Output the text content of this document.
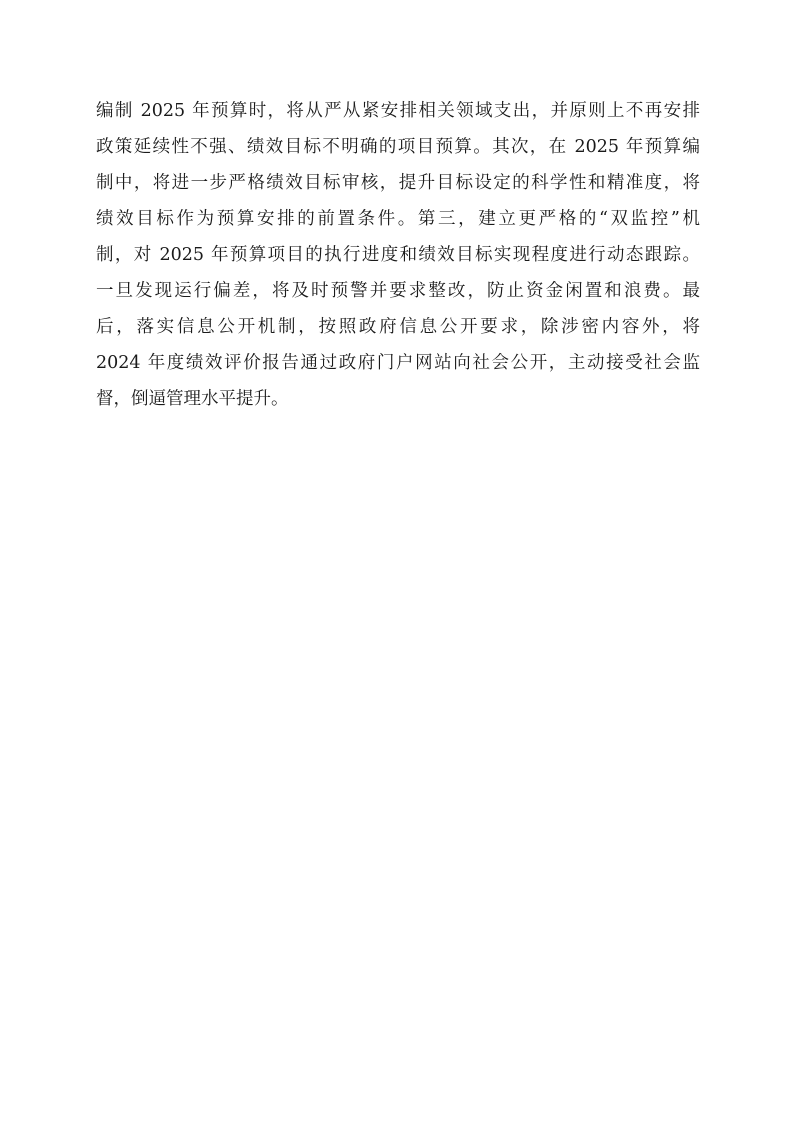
编制 2025 年预算时，将从严从紧安排相关领域支出，并原则上不再安排
政策延续性不强、绩效目标不明确的项目预算。其次，在 2025 年预算编
制中，将进一步严格绩效目标审核，提升目标设定的科学性和精准度，将
绩效目标作为预算安排的前置条件。第三，建立更严格的“双监控”机
制，对 2025 年预算项目的执行进度和绩效目标实现程度进行动态跟踪。
一旦发现运行偏差，将及时预警并要求整改，防止资金闲置和浪费。最
后，落实信息公开机制，按照政府信息公开要求，除涉密内容外，将
2024 年度绩效评价报告通过政府门户网站向社会公开，主动接受社会监
督，倒逼管理水平提升。
